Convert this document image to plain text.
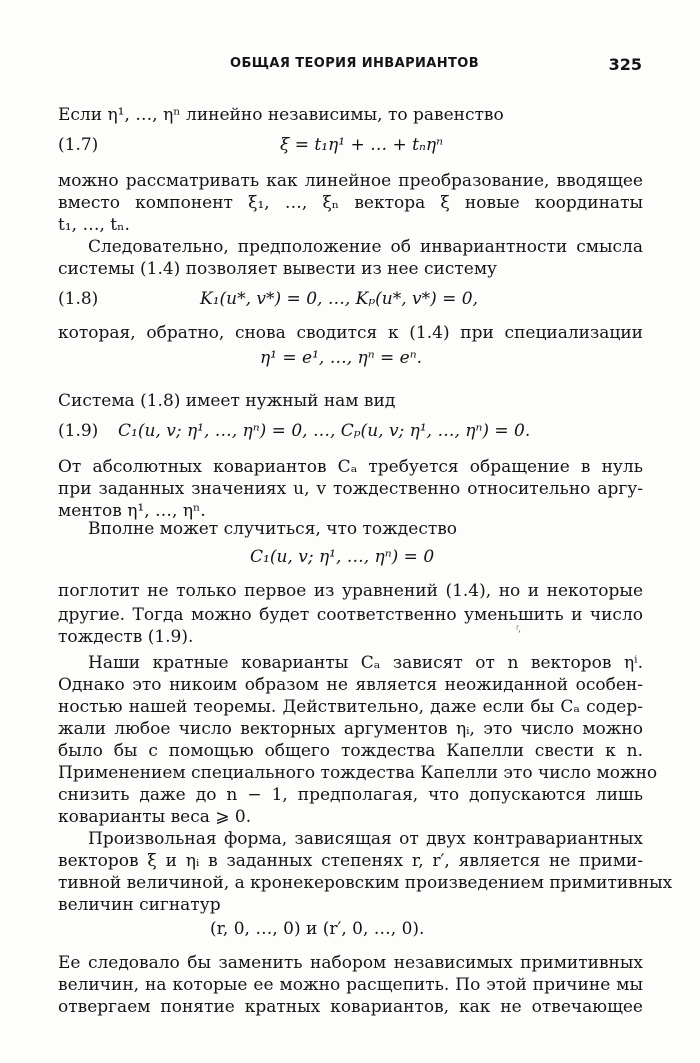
ОБЩАЯ ТЕОРИЯ ИНВАРИАНТОВ	325
Если η¹, …, ηⁿ линейно независимы, то равенство
(1.7)	ξ = t₁η¹ + … + tₙηⁿ
можно рассматривать как линейное преобразование, вводящее
вместо компонент ξ₁, …, ξₙ вектора ξ новые координаты
t₁, …, tₙ.
Следовательно, предположение об инвариантности смысла
системы (1.4) позволяет вывести из нее систему
(1.8)	K₁(u*, v*) = 0, …, Kₚ(u*, v*) = 0,
которая, обратно, снова сводится к (1.4) при специализации
η¹ = e¹, …, ηⁿ = eⁿ.
Система (1.8) имеет нужный нам вид
(1.9) C₁(u, v; η¹, …, ηⁿ) = 0, …, Cₚ(u, v; η¹, …, ηⁿ) = 0.
От абсолютных ковариантов Cₐ требуется обращение в нуль
при заданных значениях u, v тождественно относительно аргу-
ментов η¹, …, ηⁿ.
Вполне может случиться, что тождество
C₁(u, v; η¹, …, ηⁿ) = 0
поглотит не только первое из уравнений (1.4), но и некоторые
другие. Тогда можно будет соответственно уменьшить и число
тождеств (1.9).	ᶠ⸴
Наши кратные коварианты Cₐ зависят от n векторов ηⁱ.
Однако это никоим образом не является неожиданной особен-
ностью нашей теоремы. Действительно, даже если бы Cₐ содер-
жали любое число векторных аргументов ηᵢ, это число можно
было бы с помощью общего тождества Капелли свести к n.
Применением специального тождества Капелли это число можно
снизить даже до n − 1, предполагая, что допускаются лишь
коварианты веса ⩾ 0.
Произвольная форма, зависящая от двух контравариантных
векторов ξ и ηᵢ в заданных степенях r, r′, является не прими-
тивной величиной, а кронекеровским произведением примитивных
величин сигнатур
(r, 0, …, 0) и (r′, 0, …, 0).
Ее следовало бы заменить набором независимых примитивных
величин, на которые ее можно расщепить. По этой причине мы
отвергаем понятие кратных ковариантов, как не отвечающее
